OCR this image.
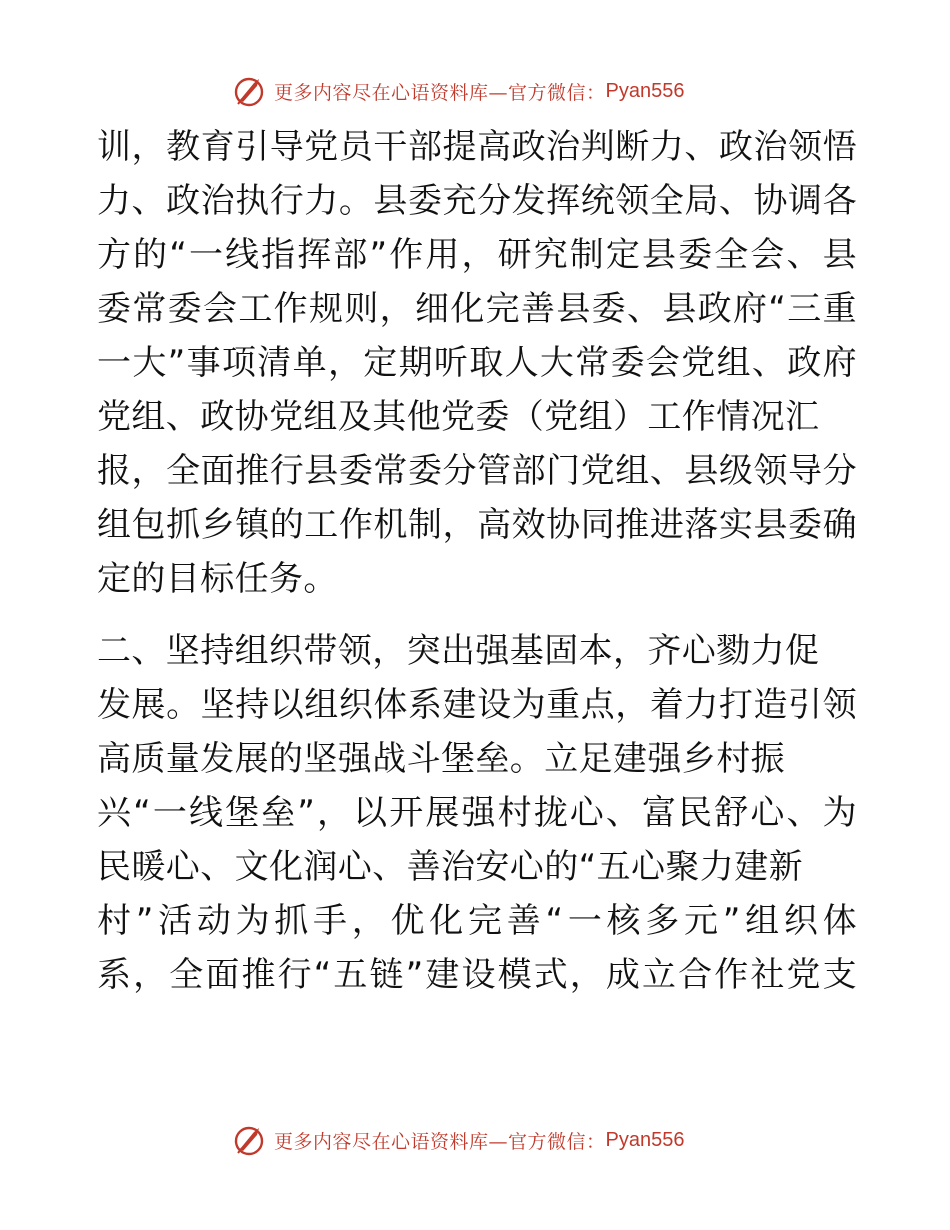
更多内容尽在心语资料库—官方微信： Pyan556
训，教育引导党员干部提高政治判断力、政治领悟
力、政治执行力。县委充分发挥统领全局、协调各
方的“一线指挥部”作用，研究制定县委全会、县
委常委会工作规则，细化完善县委、县政府“三重
一大”事项清单，定期听取人大常委会党组、政府
党组、政协党组及其他党委（党组）工作情况汇
报，全面推行县委常委分管部门党组、县级领导分
组包抓乡镇的工作机制，高效协同推进落实县委确
定的目标任务。
二、坚持组织带领，突出强基固本，齐心勠力促
发展。坚持以组织体系建设为重点，着力打造引领
高质量发展的坚强战斗堡垒。立足建强乡村振
兴“一线堡垒”，以开展强村拢心、富民舒心、为
民暖心、文化润心、善治安心的“五心聚力建新
村”活动为抓手，优化完善“一核多元”组织体
系，全面推行“五链”建设模式，成立合作社党支
更多内容尽在心语资料库—官方微信： Pyan556
